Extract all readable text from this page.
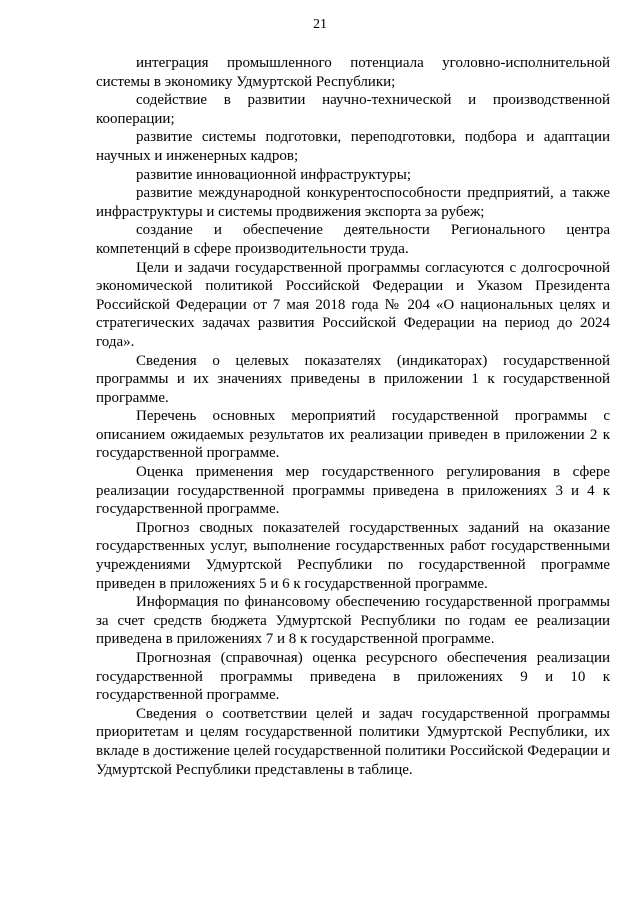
21

интеграция промышленного потенциала уголовно-исполнительной системы в экономику Удмуртской Республики;

содействие в развитии научно-технической и производственной кооперации;

развитие системы подготовки, переподготовки, подбора и адаптации научных и инженерных кадров;

развитие инновационной инфраструктуры;

развитие международной конкурентоспособности предприятий, а также инфраструктуры и системы продвижения экспорта за рубеж;

создание и обеспечение деятельности Регионального центра компетенций в сфере производительности труда.

Цели и задачи государственной программы согласуются с долгосрочной экономической политикой Российской Федерации и Указом Президента Российской Федерации от 7 мая 2018 года № 204 «О национальных целях и стратегических задачах развития Российской Федерации на период до 2024 года».

Сведения о целевых показателях (индикаторах) государственной программы и их значениях приведены в приложении 1 к государственной программе.

Перечень основных мероприятий государственной программы с описанием ожидаемых результатов их реализации приведен в приложении 2 к государственной программе.

Оценка применения мер государственного регулирования в сфере реализации государственной программы приведена в приложениях 3 и 4 к государственной программе.

Прогноз сводных показателей государственных заданий на оказание государственных услуг, выполнение государственных работ государственными учреждениями Удмуртской Республики по государственной программе приведен в приложениях 5 и 6 к государственной программе.

Информация по финансовому обеспечению государственной программы за счет средств бюджета Удмуртской Республики по годам ее реализации приведена в приложениях 7 и 8 к государственной программе.

Прогнозная (справочная) оценка ресурсного обеспечения реализации государственной программы приведена в приложениях 9 и 10 к государственной программе.

Сведения о соответствии целей и задач государственной программы приоритетам и целям государственной политики Удмуртской Республики, их вкладе в достижение целей государственной политики Российской Федерации и Удмуртской Республики представлены в таблице.
